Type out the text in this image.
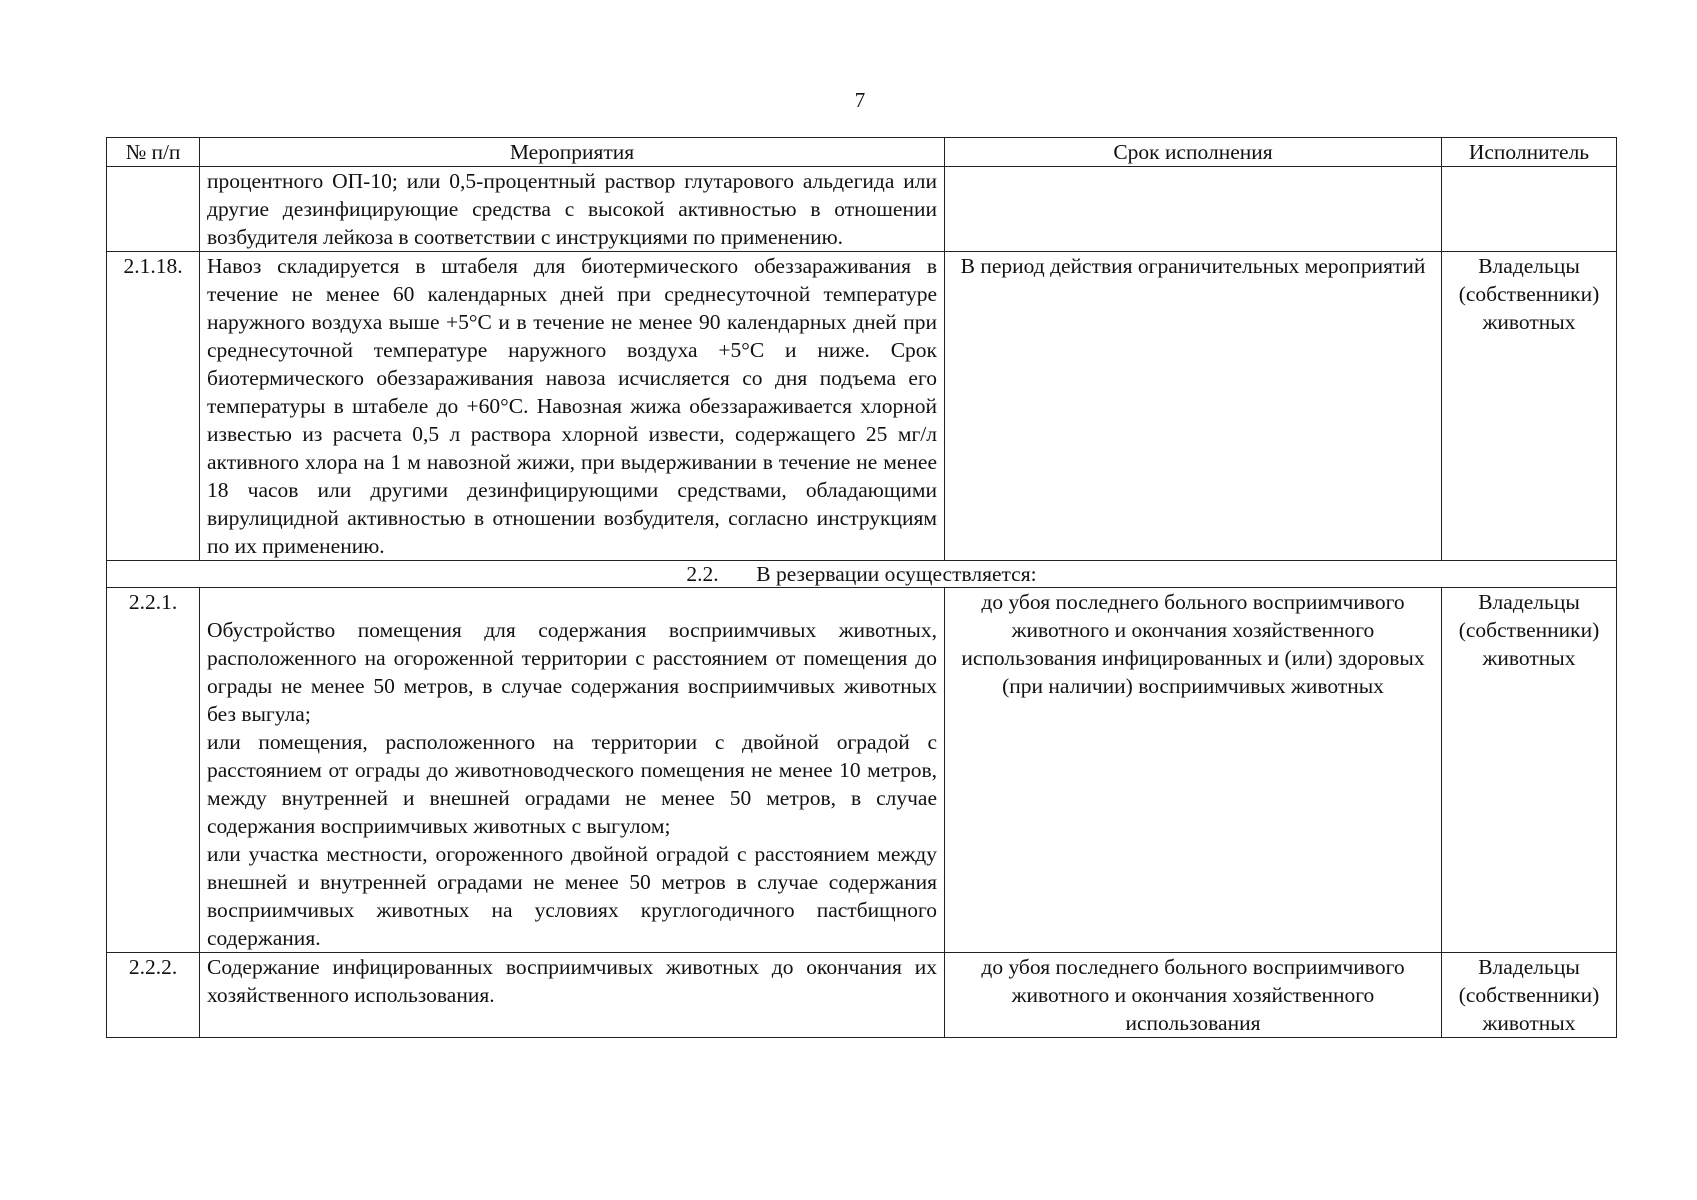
7
№ п/п	Мероприятия	Срок исполнения	Исполнитель
	процентного ОП-10; или 0,5-процентный раствор глутарового альдегида или другие дезинфицирующие средства с высокой активностью в отношении возбудителя лейкоза в соответствии с инструкциями по применению.		
2.1.18.	Навоз складируется в штабеля для биотермического обеззараживания в течение не менее 60 календарных дней при среднесуточной температуре наружного воздуха выше +5°С и в течение не менее 90 календарных дней при среднесуточной температуре наружного воздуха +5°С и ниже. Срок биотермического обеззараживания навоза исчисляется со дня подъема его температуры в штабеле до +60°С. Навозная жижа обеззараживается хлорной известью из расчета 0,5 л раствора хлорной извести, содержащего 25 мг/л активного хлора на 1 м навозной жижи, при выдерживании в течение не менее 18 часов или другими дезинфицирующими средствами, обладающими вирулицидной активностью в отношении возбудителя, согласно инструкциям по их применению.	В период действия ограничительных мероприятий	Владельцы (собственники) животных
2.2. В резервации осуществляется:			
2.2.1.	Обустройство помещения для содержания восприимчивых животных, расположенного на огороженной территории с расстоянием от помещения до ограды не менее 50 метров, в случае содержания восприимчивых животных без выгула;

или помещения, расположенного на территории с двойной оградой с расстоянием от ограды до животноводческого помещения не менее 10 метров, между внутренней и внешней оградами не менее 50 метров, в случае содержания восприимчивых животных с выгулом;

или участка местности, огороженного двойной оградой с расстоянием между внешней и внутренней оградами не менее 50 метров в случае содержания восприимчивых животных на условиях круглогодичного пастбищного содержания.	до убоя последнего больного восприимчивого животного и окончания хозяйственного использования инфицированных и (или) здоровых (при наличии) восприимчивых животных	Владельцы (собственники) животных
2.2.2.	Содержание инфицированных восприимчивых животных до окончания их хозяйственного использования.	до убоя последнего больного восприимчивого животного и окончания хозяйственного использования	Владельцы (собственники) животных
